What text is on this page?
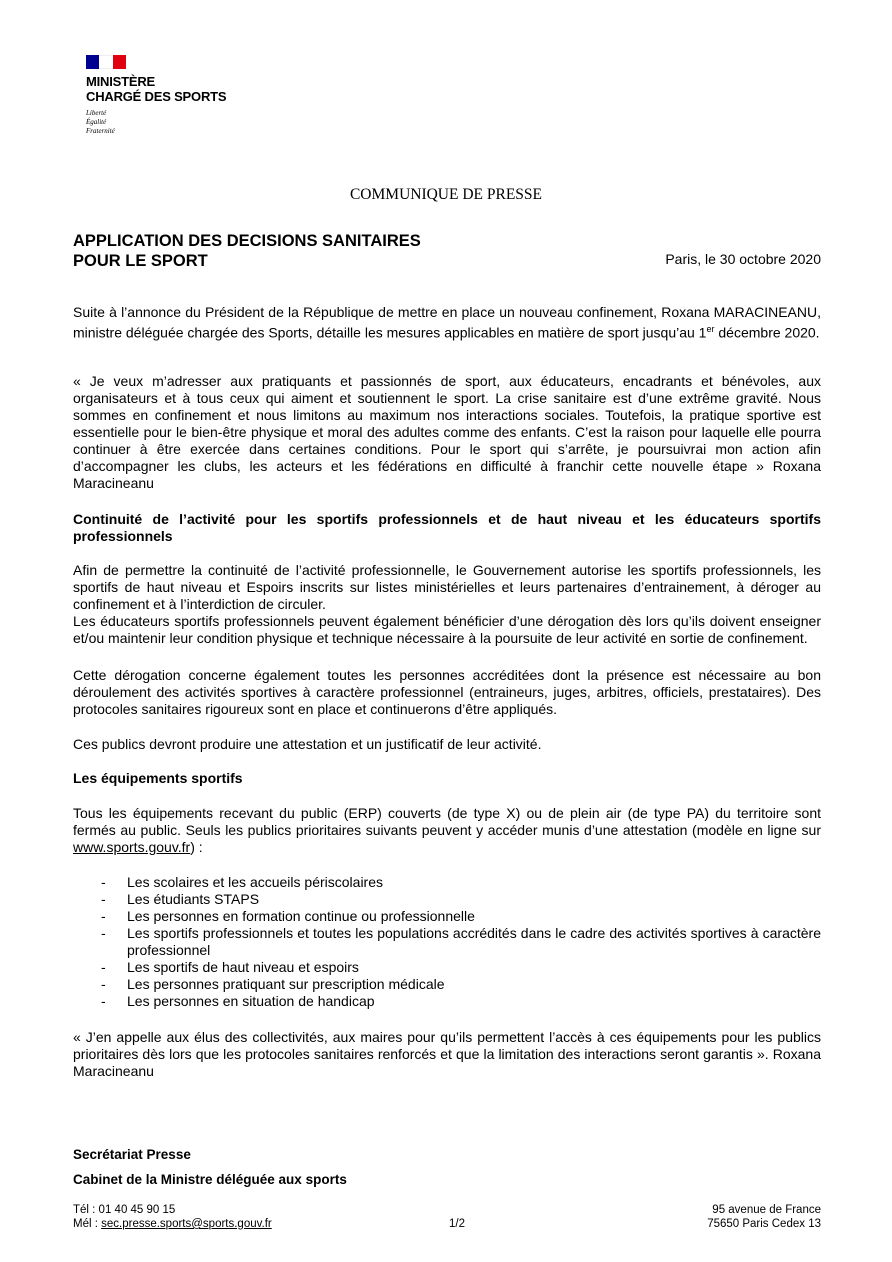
MINISTÈRE
CHARGÉ DES SPORTS
Liberté
Égalité
Fraternité
COMMUNIQUE DE PRESSE
APPLICATION DES DECISIONS SANITAIRES
POUR LE SPORT	Paris, le 30 octobre 2020
Suite à l’annonce du Président de la République de mettre en place un nouveau confinement, Roxana MARACINEANU, ministre déléguée chargée des Sports, détaille les mesures applicables en matière de sport jusqu’au 1er décembre 2020.
« Je veux m’adresser aux pratiquants et passionnés de sport, aux éducateurs, encadrants et bénévoles, aux organisateurs et à tous ceux qui aiment et soutiennent le sport. La crise sanitaire est d’une extrême gravité. Nous sommes en confinement et nous limitons au maximum nos interactions sociales. Toutefois, la pratique sportive est essentielle pour le bien-être physique et moral des adultes comme des enfants. C’est la raison pour laquelle elle pourra continuer à être exercée dans certaines conditions. Pour le sport qui s’arrête, je poursuivrai mon action afin d’accompagner les clubs, les acteurs et les fédérations en difficulté à franchir cette nouvelle étape » Roxana Maracineanu
Continuité de l’activité pour les sportifs professionnels et de haut niveau et les éducateurs sportifs professionnels
Afin de permettre la continuité de l’activité professionnelle, le Gouvernement autorise les sportifs professionnels, les sportifs de haut niveau et Espoirs inscrits sur listes ministérielles et leurs partenaires d’entrainement, à déroger au confinement et à l’interdiction de circuler.
Les éducateurs sportifs professionnels peuvent également bénéficier d’une dérogation dès lors qu’ils doivent enseigner et/ou maintenir leur condition physique et technique nécessaire à la poursuite de leur activité en sortie de confinement.
Cette dérogation concerne également toutes les personnes accréditées dont la présence est nécessaire au bon déroulement des activités sportives à caractère professionnel (entraineurs, juges, arbitres, officiels, prestataires). Des protocoles sanitaires rigoureux sont en place et continuerons d’être appliqués.
Ces publics devront produire une attestation et un justificatif de leur activité.
Les équipements sportifs
Tous les équipements recevant du public (ERP) couverts (de type X) ou de plein air (de type PA) du territoire sont fermés au public. Seuls les publics prioritaires suivants peuvent y accéder munis d’une attestation (modèle en ligne sur www.sports.gouv.fr) :
- Les scolaires et les accueils périscolaires
- Les étudiants STAPS
- Les personnes en formation continue ou professionnelle
- Les sportifs professionnels et toutes les populations accrédités dans le cadre des activités sportives à caractère professionnel
- Les sportifs de haut niveau et espoirs
- Les personnes pratiquant sur prescription médicale
- Les personnes en situation de handicap
« J’en appelle aux élus des collectivités, aux maires pour qu’ils permettent l’accès à ces équipements pour les publics prioritaires dès lors que les protocoles sanitaires renforcés et que la limitation des interactions seront garantis ». Roxana Maracineanu
Secrétariat Presse
Cabinet de la Ministre déléguée aux sports
Tél : 01 40 45 90 15
Mél : sec.presse.sports@sports.gouv.fr	1/2
95 avenue de France
75650 Paris Cedex 13
